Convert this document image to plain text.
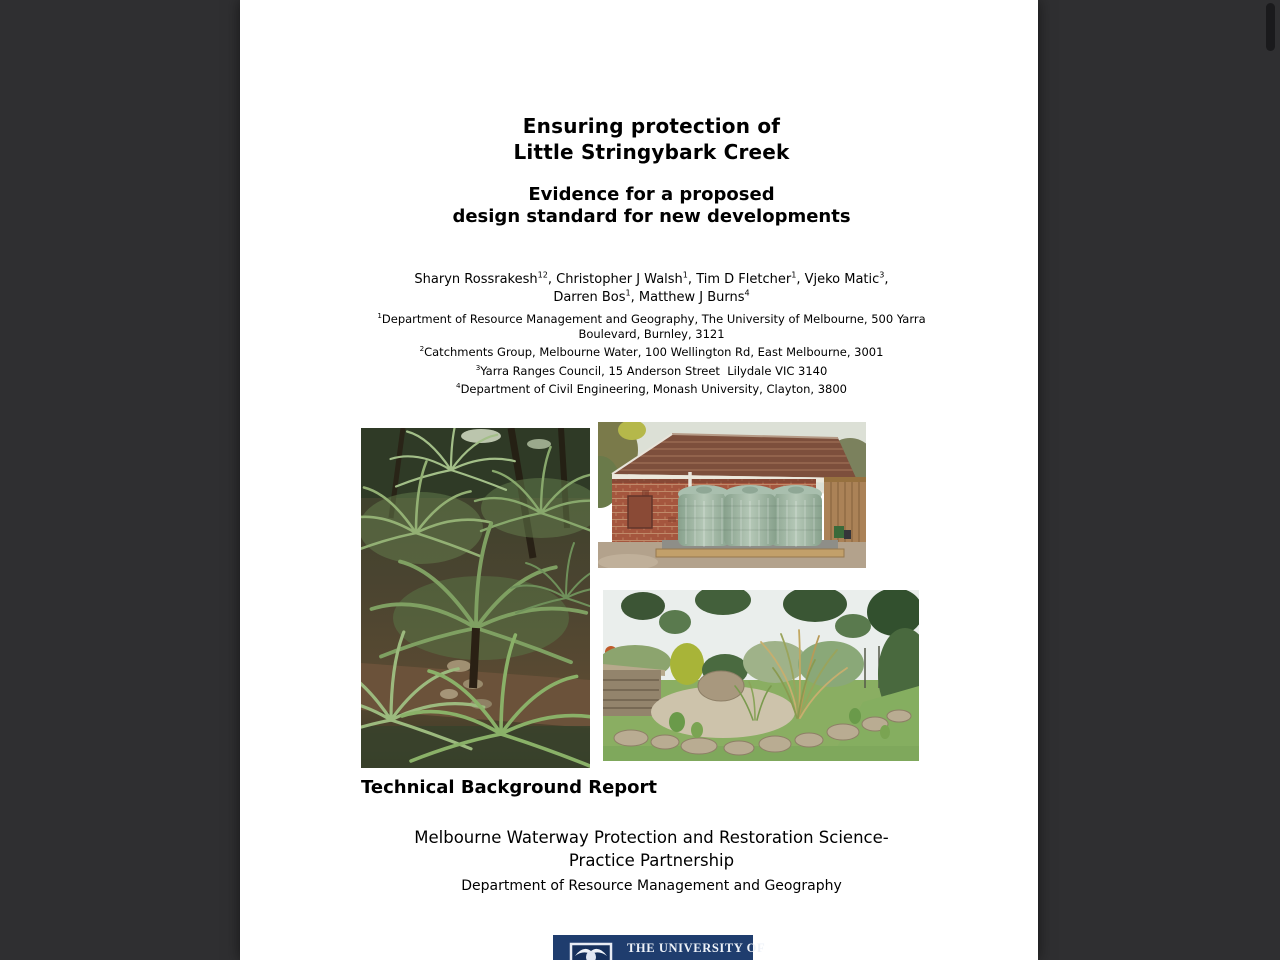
Ensuring protection of
Little Stringybark Creek
Evidence for a proposed
design standard for new developments
Sharyn Rossrakesh$^{12}$, Christopher J Walsh$^1$, Tim D Fletcher$^1$, Vjeko Matic$^3$,
Darren Bos$^1$, Matthew J Burns$^4$
$^1$Department of Resource Management and Geography, The University of Melbourne, 500 Yarra Boulevard, Burnley, 3121
$^2$Catchments Group, Melbourne Water, 100 Wellington Rd, East Melbourne, 3001
$^3$Yarra Ranges Council, 15 Anderson Street  Lilydale VIC 3140
$^4$Department of Civil Engineering, Monash University, Clayton, 3800
Technical Background Report
Melbourne Waterway Protection and Restoration Science-
Practice Partnership
Department of Resource Management and Geography
THE UNIVERSITY OF
